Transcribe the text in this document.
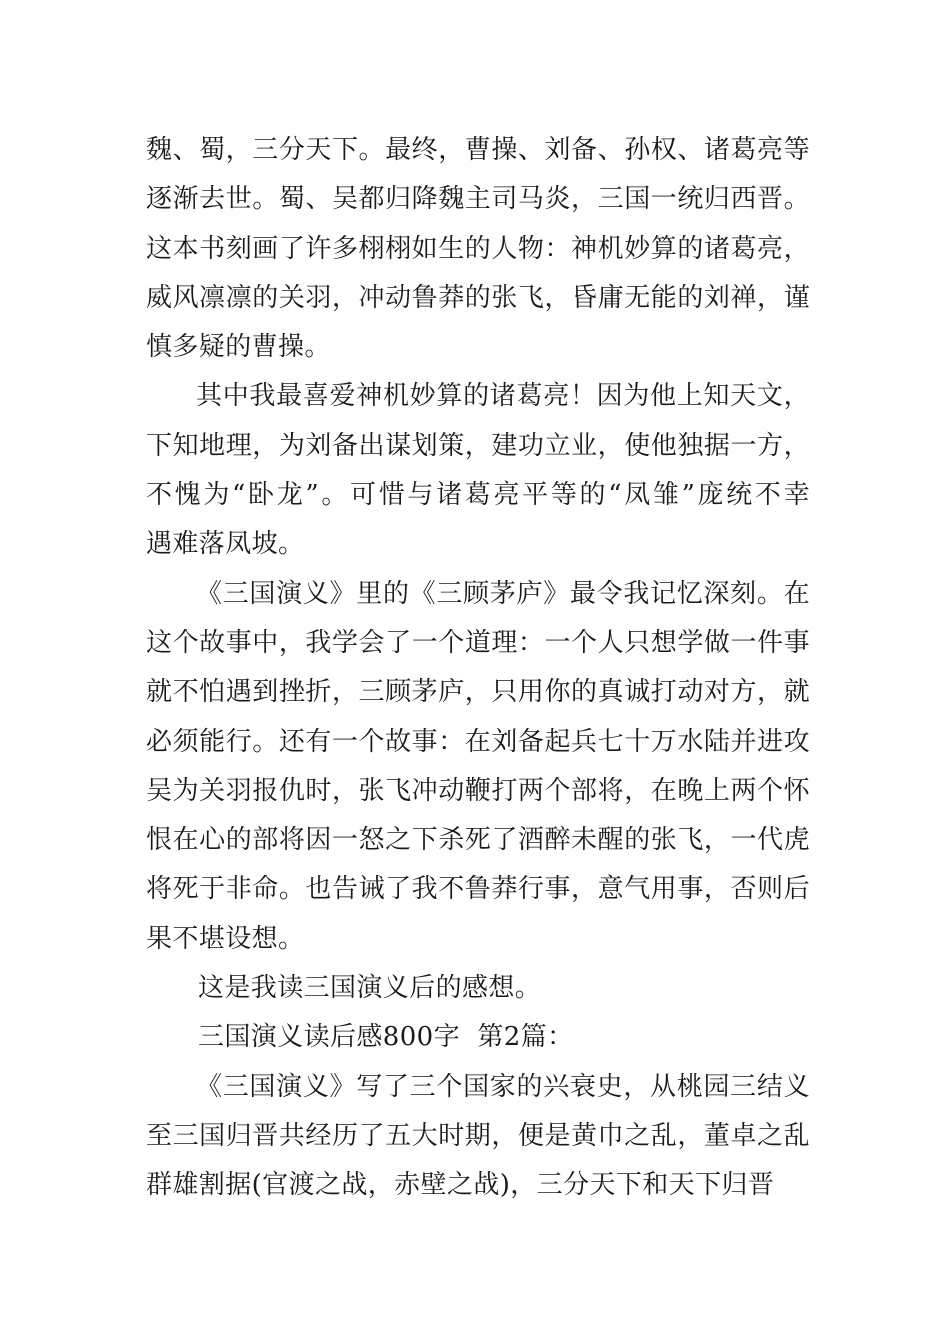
魏、蜀，三分天下。最终，曹操、刘备、孙权、诸葛亮等
逐渐去世。蜀、吴都归降魏主司马炎，三国一统归西晋。
这本书刻画了许多栩栩如生的人物：神机妙算的诸葛亮，
威风凛凛的关羽，冲动鲁莽的张飞，昏庸无能的刘禅，谨
慎多疑的曹操。
其中我最喜爱神机妙算的诸葛亮！因为他上知天文，
下知地理，为刘备出谋划策，建功立业，使他独据一方，
不愧为“卧龙”。可惜与诸葛亮平等的“凤雏”庞统不幸
遇难落凤坡。
《三国演义》里的《三顾茅庐》最令我记忆深刻。在
这个故事中，我学会了一个道理：一个人只想学做一件事
就不怕遇到挫折，三顾茅庐，只用你的真诚打动对方，就
必须能行。还有一个故事：在刘备起兵七十万水陆并进攻
吴为关羽报仇时，张飞冲动鞭打两个部将，在晚上两个怀
恨在心的部将因一怒之下杀死了酒醉未醒的张飞，一代虎
将死于非命。也告诫了我不鲁莽行事，意气用事，否则后
果不堪设想。
这是我读三国演义后的感想。
三国演义读后感800字  第2篇：
《三国演义》写了三个国家的兴衰史，从桃园三结义
至三国归晋共经历了五大时期，便是黄巾之乱，董卓之乱
群雄割据(官渡之战，赤壁之战)，三分天下和天下归晋
